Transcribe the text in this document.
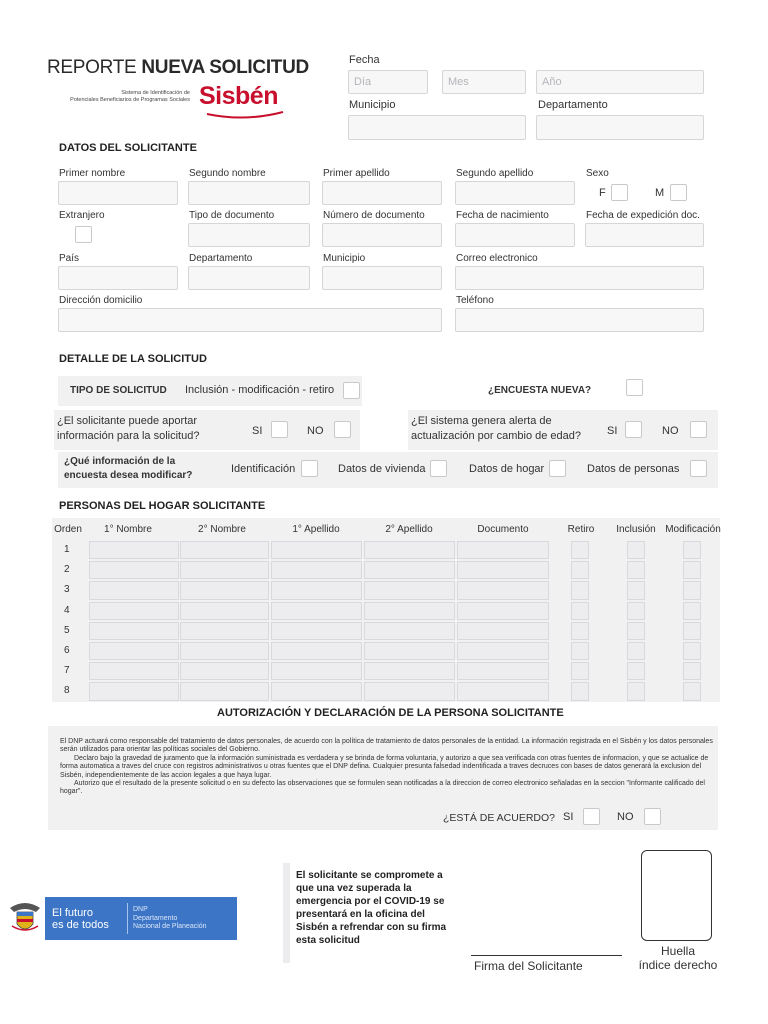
REPORTE NUEVA SOLICITUD
Sistema de Identificación de
Potenciales Beneficiarios de Programas Sociales Sisbén
Fecha
Día	Mes	Año
Municipio	Departamento
DATOS DEL SOLICITANTE
Primer nombre	Segundo nombre	Primer apellido	Segundo apellido	Sexo
F	M
Extranjero	Tipo de documento	Número de documento	Fecha de nacimiento	Fecha de expedición doc.
País	Departamento	Municipio	Correo electronico
Dirección domicilio	Teléfono
DETALLE DE LA SOLICITUD
TIPO DE SOLICITUD Inclusión - modificación - retiro	¿ENCUESTA NUEVA?
¿El solicitante puede aportar
información para la solicitud?	SI	NO
¿El sistema genera alerta de
actualización por cambio de edad? SI	NO
¿Qué información de la
encuesta desea modificar?
Identificación	Datos de vivienda	Datos de hogar	Datos de personas
PERSONAS DEL HOGAR SOLICITANTE
Orden	1° Nombre	2° Nombre	1° Apellido	2° Apellido	Documento	Retiro	Inclusión Modificación
1
2
3
4
5
6
7
8
AUTORIZACIÓN Y DECLARACIÓN DE LA PERSONA SOLICITANTE
El DNP actuará como responsable del tratamiento de datos personales, de acuerdo con la política de tratamiento de datos personales de la entidad. La información registrada en el Sisbén y los datos personales serán utilizados para orientar las políticas sociales del Gobierno.
Declaro bajo la gravedad de juramento que la información suministrada es verdadera y se brinda de forma voluntaria, y autorizo a que sea verificada con otras fuentes de informacion, y que se actualice de forma automatica a traves del cruce con registros administrativos u otras fuentes que el DNP defina. Cualquier presunta falsedad indentificada a traves decruces con bases de datos generará la exclusion del Sisbén, independientemente de las accion legales a que haya lugar.
Autorizo que el resultado de la presente solicitud o en su defecto las observaciones que se formulen sean notificadas a la direccion de correo electronico señaladas en la seccion "Informante calificado del hogar".
¿ESTÁ DE ACUERDO? SI	NO
El futuro
es de todos
DNP
Departamento
Nacional de Planeación
El solicitante se compromete a que una vez superada la emergencia por el COVID-19 se presentará en la oficina del Sisbén a refrendar con su firma esta solicitud
Firma del Solicitante
Huella
índice derecho
